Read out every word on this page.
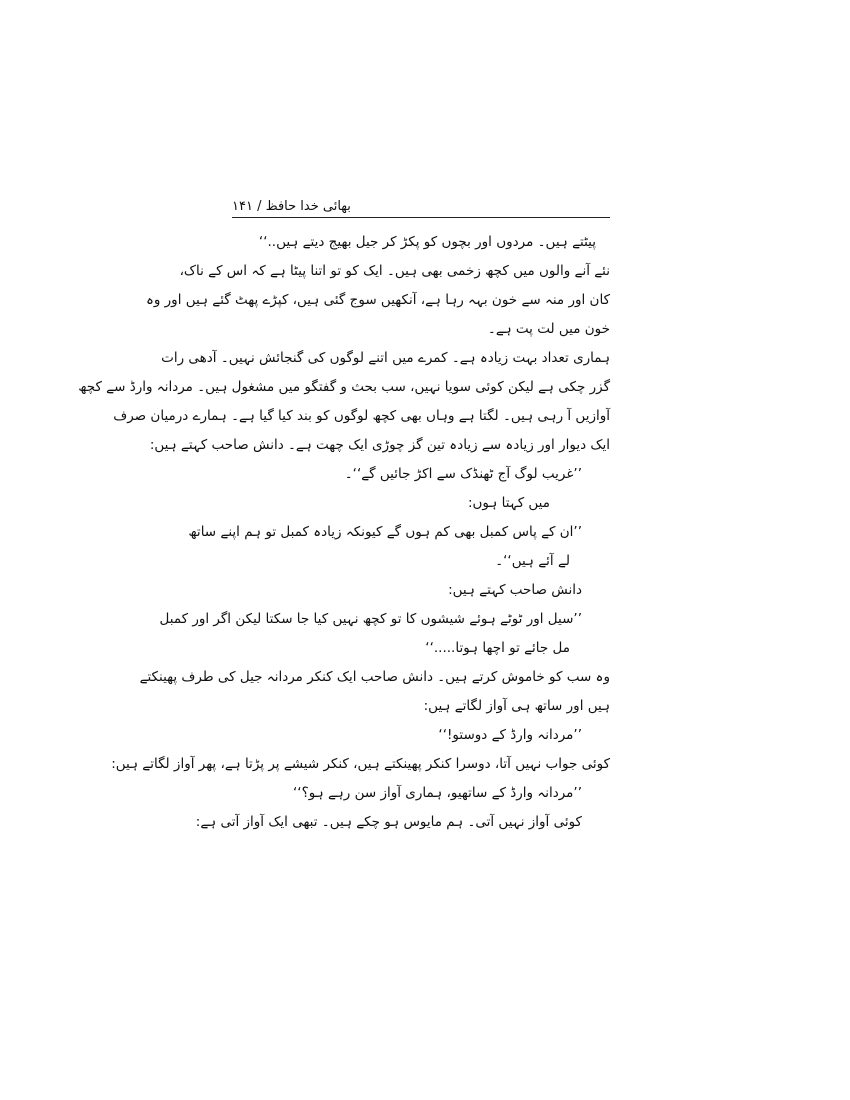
بھائی خدا حافظ / ۱۴۱
پیٹتے ہیں۔ مردوں اور بچوں کو پکڑ کر جیل بھیج دیتے ہیں..‘‘
نئے آنے والوں میں کچھ زخمی بھی ہیں۔ ایک کو تو اتنا پیٹا ہے کہ اس کے ناک،
کان اور منہ سے خون بہہ رہا ہے، آنکھیں سوج گئی ہیں، کپڑے پھٹ گئے ہیں اور وہ
خون میں لت پت ہے۔
ہماری تعداد بہت زیادہ ہے۔ کمرے میں اتنے لوگوں کی گنجائش نہیں۔ آدھی رات
گزر چکی ہے لیکن کوئی سویا نہیں، سب بحث و گفتگو میں مشغول ہیں۔ مردانہ وارڈ سے کچھ
آوازیں آ رہی ہیں۔ لگتا ہے وہاں بھی کچھ لوگوں کو بند کیا گیا ہے۔ ہمارے درمیان صرف
ایک دیوار اور زیادہ سے زیادہ تین گز چوڑی ایک چھت ہے۔ دانش صاحب کہتے ہیں:
’’غریب لوگ آج ٹھنڈک سے اکڑ جائیں گے‘‘۔
میں کہتا ہوں:
’’ان کے پاس کمبل بھی کم ہوں گے کیونکہ زیادہ کمبل تو ہم اپنے ساتھ
لے آئے ہیں‘‘۔
دانش صاحب کہتے ہیں:
’’سیل اور ٹوٹے ہوئے شیشوں کا تو کچھ نہیں کیا جا سکتا لیکن اگر اور کمبل
مل جائے تو اچھا ہوتا.....‘‘
وہ سب کو خاموش کرتے ہیں۔ دانش صاحب ایک کنکر مردانہ جیل کی طرف پھینکتے
ہیں اور ساتھ ہی آواز لگاتے ہیں:
’’مردانہ وارڈ کے دوستو!‘‘
کوئی جواب نہیں آتا، دوسرا کنکر پھینکتے ہیں، کنکر شیشے پر پڑتا ہے، پھر آواز لگاتے ہیں:
’’مردانہ وارڈ کے ساتھیو، ہماری آواز سن رہے ہو؟‘‘
کوئی آواز نہیں آتی۔ ہم مایوس ہو چکے ہیں۔ تبھی ایک آواز آتی ہے:
